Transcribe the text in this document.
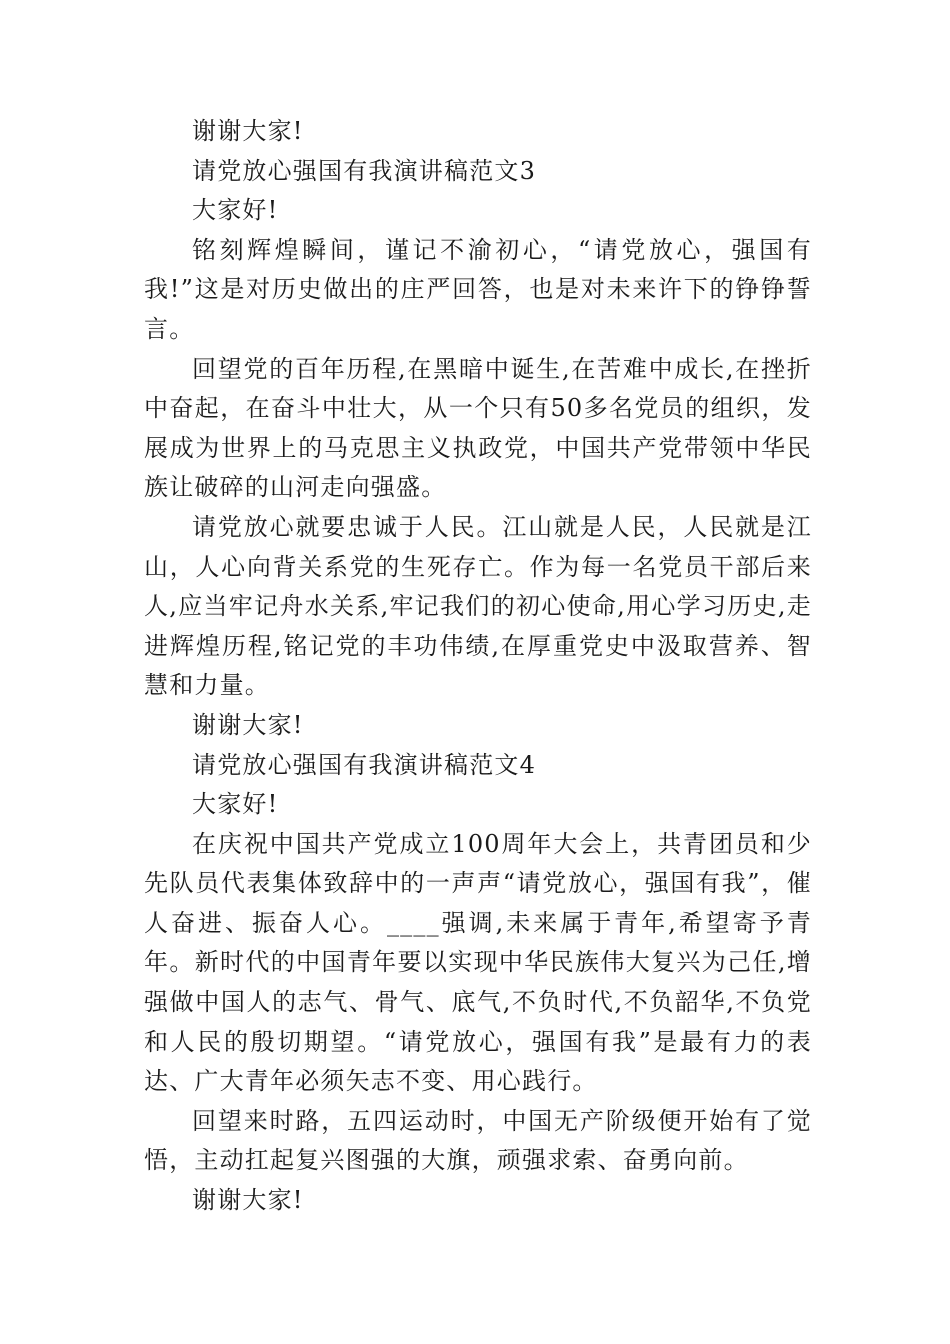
谢谢大家!

请党放心强国有我演讲稿范文3

大家好!

铭刻辉煌瞬间，谨记不渝初心，“请党放心，强国有我!”这是对历史做出的庄严回答，也是对未来许下的铮铮誓言。

回望党的百年历程,在黑暗中诞生,在苦难中成长,在挫折中奋起，在奋斗中壮大，从一个只有50多名党员的组织，发展成为世界上的马克思主义执政党，中国共产党带领中华民族让破碎的山河走向强盛。

请党放心就要忠诚于人民。江山就是人民，人民就是江山，人心向背关系党的生死存亡。作为每一名党员干部后来人,应当牢记舟水关系,牢记我们的初心使命,用心学习历史,走进辉煌历程,铭记党的丰功伟绩,在厚重党史中汲取营养、智慧和力量。

谢谢大家!

请党放心强国有我演讲稿范文4

大家好!

在庆祝中国共产党成立100周年大会上，共青团员和少先队员代表集体致辞中的一声声“请党放心，强国有我”，催人奋进、振奋人心。____强调,未来属于青年,希望寄予青年。新时代的中国青年要以实现中华民族伟大复兴为己任,增强做中国人的志气、骨气、底气,不负时代,不负韶华,不负党和人民的殷切期望。“请党放心，强国有我”是最有力的表达、广大青年必须矢志不变、用心践行。

回望来时路，五四运动时，中国无产阶级便开始有了觉悟，主动扛起复兴图强的大旗，顽强求索、奋勇向前。

谢谢大家!
